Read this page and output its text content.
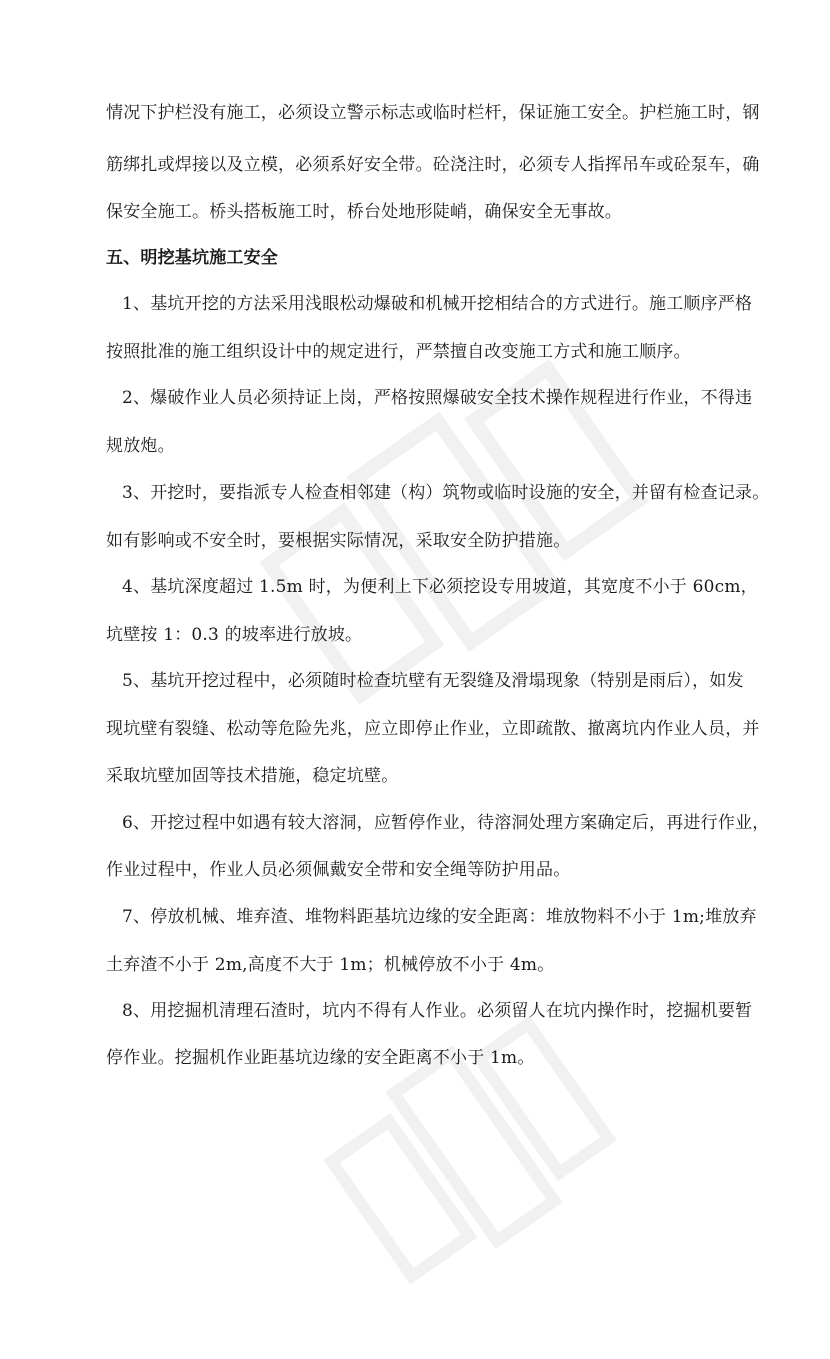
情况下护栏没有施工，必须设立警示标志或临时栏杆，保证施工安全。护栏施工时，钢
筋绑扎或焊接以及立模，必须系好安全带。砼浇注时，必须专人指挥吊车或砼泵车，确
保安全施工。桥头搭板施工时，桥台处地形陡峭，确保安全无事故。
五、明挖基坑施工安全
1、基坑开挖的方法采用浅眼松动爆破和机械开挖相结合的方式进行。施工顺序严格
按照批准的施工组织设计中的规定进行，严禁擅自改变施工方式和施工顺序。
2、爆破作业人员必须持证上岗，严格按照爆破安全技术操作规程进行作业，不得违
规放炮。
3、开挖时，要指派专人检查相邻建（构）筑物或临时设施的安全，并留有检查记录。
如有影响或不安全时，要根据实际情况，采取安全防护措施。
4、基坑深度超过 1.5m 时，为便利上下必须挖设专用坡道，其宽度不小于 60cm，
坑壁按 1：0.3 的坡率进行放坡。
5、基坑开挖过程中，必须随时检查坑壁有无裂缝及滑塌现象（特别是雨后），如发
现坑壁有裂缝、松动等危险先兆，应立即停止作业，立即疏散、撤离坑内作业人员，并
采取坑壁加固等技术措施，稳定坑壁。
6、开挖过程中如遇有较大溶洞，应暂停作业，待溶洞处理方案确定后，再进行作业，
作业过程中，作业人员必须佩戴安全带和安全绳等防护用品。
7、停放机械、堆弃渣、堆物料距基坑边缘的安全距离：堆放物料不小于 1m;堆放弃
土弃渣不小于 2m,高度不大于 1m；机械停放不小于 4m。
8、用挖掘机清理石渣时，坑内不得有人作业。必须留人在坑内操作时，挖掘机要暂
停作业。挖掘机作业距基坑边缘的安全距离不小于 1m。
